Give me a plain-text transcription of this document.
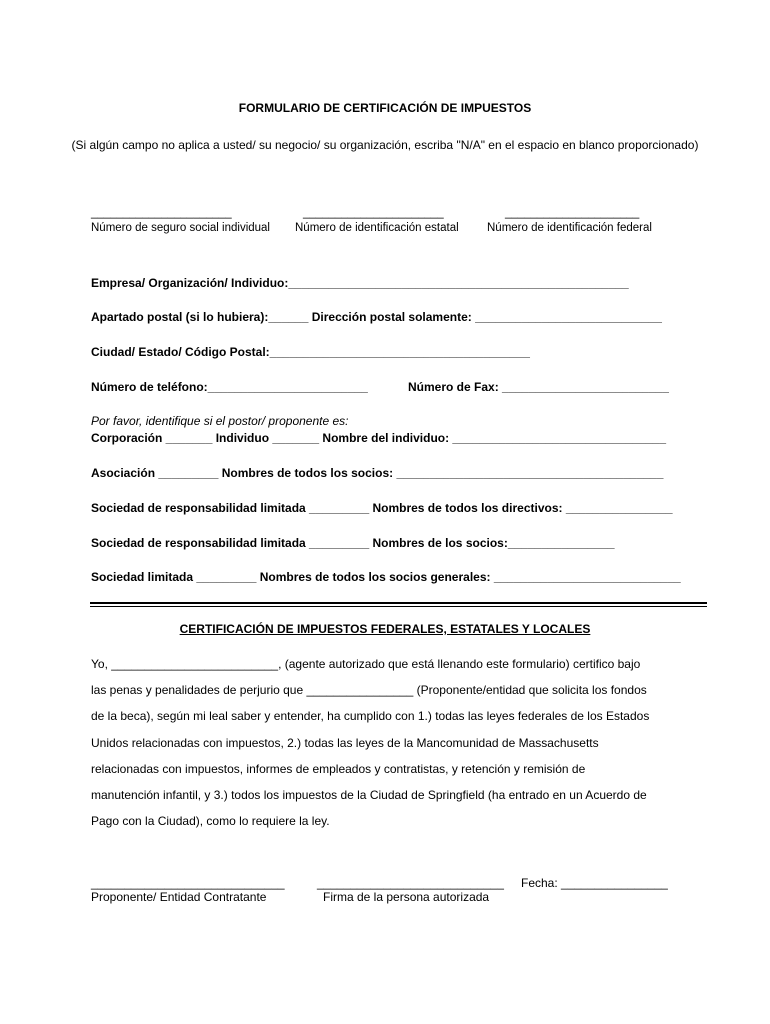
FORMULARIO DE CERTIFICACIÓN DE IMPUESTOS
(Si algún campo no aplica a usted/ su negocio/ su organización, escriba "N/A" en el espacio en blanco proporcionado)
______________________
Número de seguro social individual
______________________
Número de identificación estatal
_____________________
Número de identificación federal
Empresa/ Organización/ Individuo:___________________________________________________
Apartado postal (si lo hubiera):______ Dirección postal solamente: ____________________________
Ciudad/ Estado/ Código Postal:_______________________________________
Número de teléfono:________________________	Número de Fax: _________________________
Por favor, identifique si el postor/ proponente es:
Corporación _______ Individuo _______ Nombre del individuo: ________________________________
Asociación _________ Nombres de todos los socios: ________________________________________
Sociedad de responsabilidad limitada _________ Nombres de todos los directivos: ________________
Sociedad de responsabilidad limitada _________ Nombres de los socios:________________
Sociedad limitada _________ Nombres de todos los socios generales: ____________________________
CERTIFICACIÓN DE IMPUESTOS FEDERALES, ESTATALES Y LOCALES
Yo, _________________________, (agente autorizado que está llenando este formulario) certifico bajo
las penas y penalidades de perjurio que ________________ (Proponente/entidad que solicita los fondos
de la beca), según mi leal saber y entender, ha cumplido con 1.) todas las leyes federales de los Estados
Unidos relacionadas con impuestos, 2.) todas las leyes de la Mancomunidad de Massachusetts
relacionadas con impuestos, informes de empleados y contratistas, y retención y remisión de
manutención infantil, y 3.) todos los impuestos de la Ciudad de Springfield (ha entrado en un Acuerdo de
Pago con la Ciudad), como lo requiere la ley.
_____________________________
Proponente/ Entidad Contratante
____________________________
Firma de la persona autorizada
Fecha: ________________
